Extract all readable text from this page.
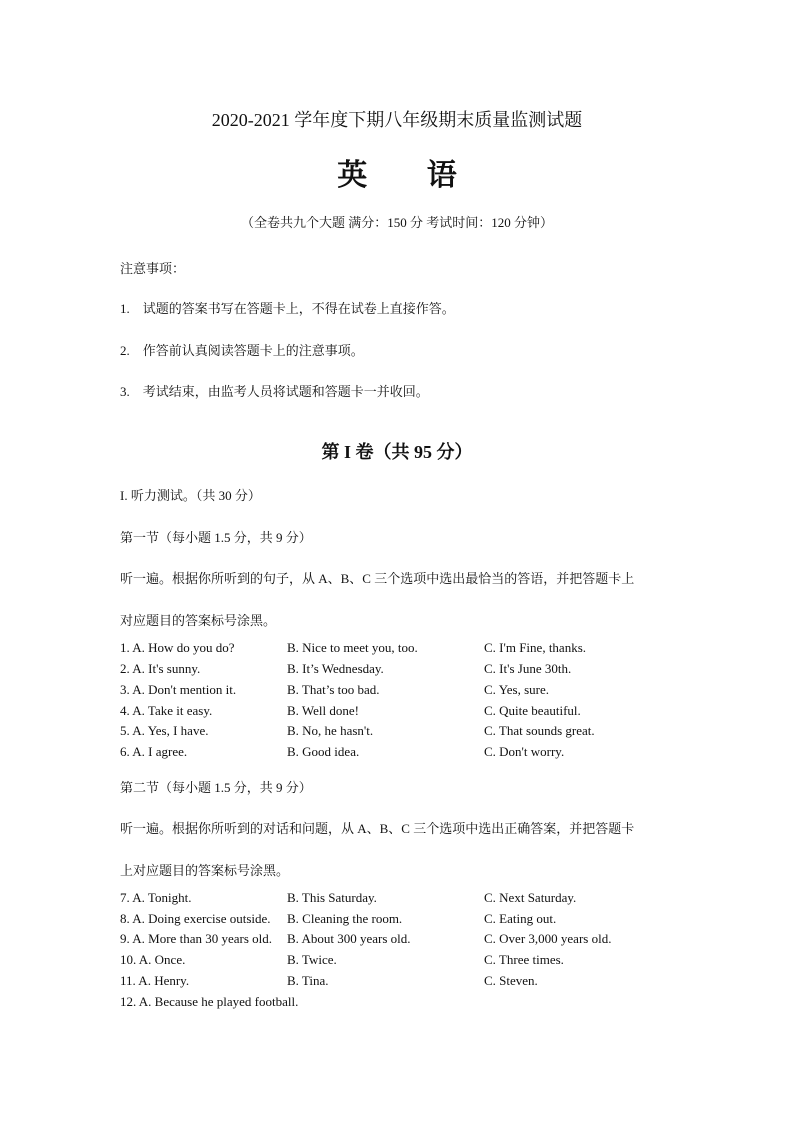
2020-2021 学年度下期八年级期末质量监测试题
英 语
（全卷共九个大题 满分：150 分 考试时间：120 分钟）
注意事项：
1.　试题的答案书写在答题卡上，不得在试卷上直接作答。
2.　作答前认真阅读答题卡上的注意事项。
3.　考试结束，由监考人员将试题和答题卡一并收回。
第 I 卷（共 95 分）
I. 听力测试。（共 30 分）
第一节（每小题 1.5 分，共 9 分）
听一遍。根据你所听到的句子，从 A、B、C 三个选项中选出最恰当的答语，并把答题卡上
对应题目的答案标号涂黑。
1. A. How do you do?	B. Nice to meet you, too.	C. I'm Fine, thanks.
2. A. It's sunny.	B. It’s Wednesday.	C. It's June 30th.
3. A. Don't mention it.	B. That’s too bad.	C. Yes, sure.
4. A. Take it easy.	B. Well done!	C. Quite beautiful.
5. A. Yes, I have.	B. No, he hasn't.	C. That sounds great.
6. A. I agree.	B. Good idea.	C. Don't worry.
第二节（每小题 1.5 分，共 9 分）
听一遍。根据你所听到的对话和问题，从 A、B、C 三个选项中选出正确答案，并把答题卡
上对应题目的答案标号涂黑。
7. A. Tonight.	B. This Saturday.	C. Next Saturday.
8. A. Doing exercise outside. B. Cleaning the room.	C. Eating out.
9. A. More than 30 years old. B. About 300 years old.	C. Over 3,000 years old.
10. A. Once.	B. Twice.	C. Three times.
11. A. Henry.	B. Tina.	C. Steven.
12. A. Because he played football.
